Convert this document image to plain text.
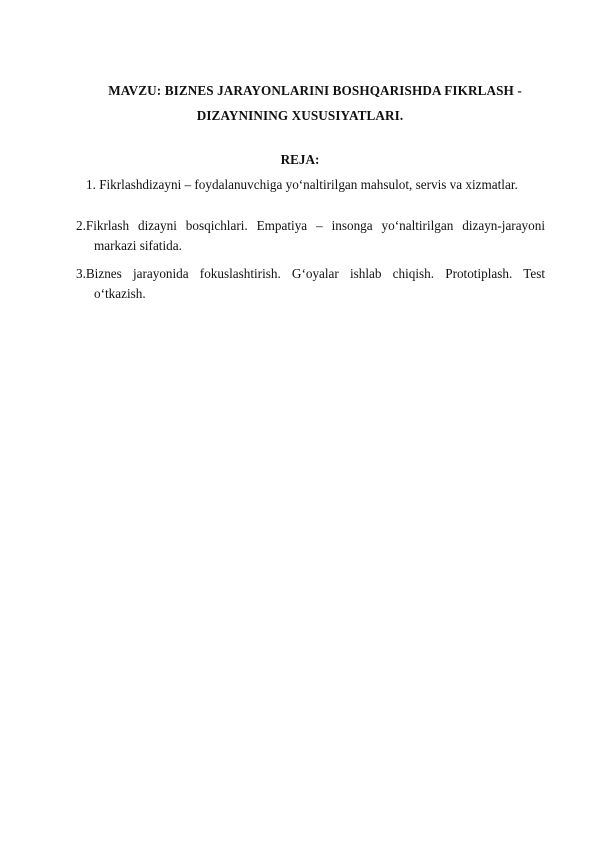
MAVZU: BIZNES JARAYONLARINI BOSHQARISHDA FIKRLASH -
DIZAYNINING XUSUSIYATLARI.
REJA:
1. Fikrlashdizayni – foydalanuvchiga yo‘naltirilgan mahsulot, servis va xizmatlar.
2.Fikrlash dizayni bosqichlari. Empatiya – insonga yo‘naltirilgan dizayn-jarayoni
markazi sifatida.
3.Biznes jarayonida fokuslashtirish. G‘oyalar ishlab chiqish. Prototiplash. Test
o‘tkazish.
